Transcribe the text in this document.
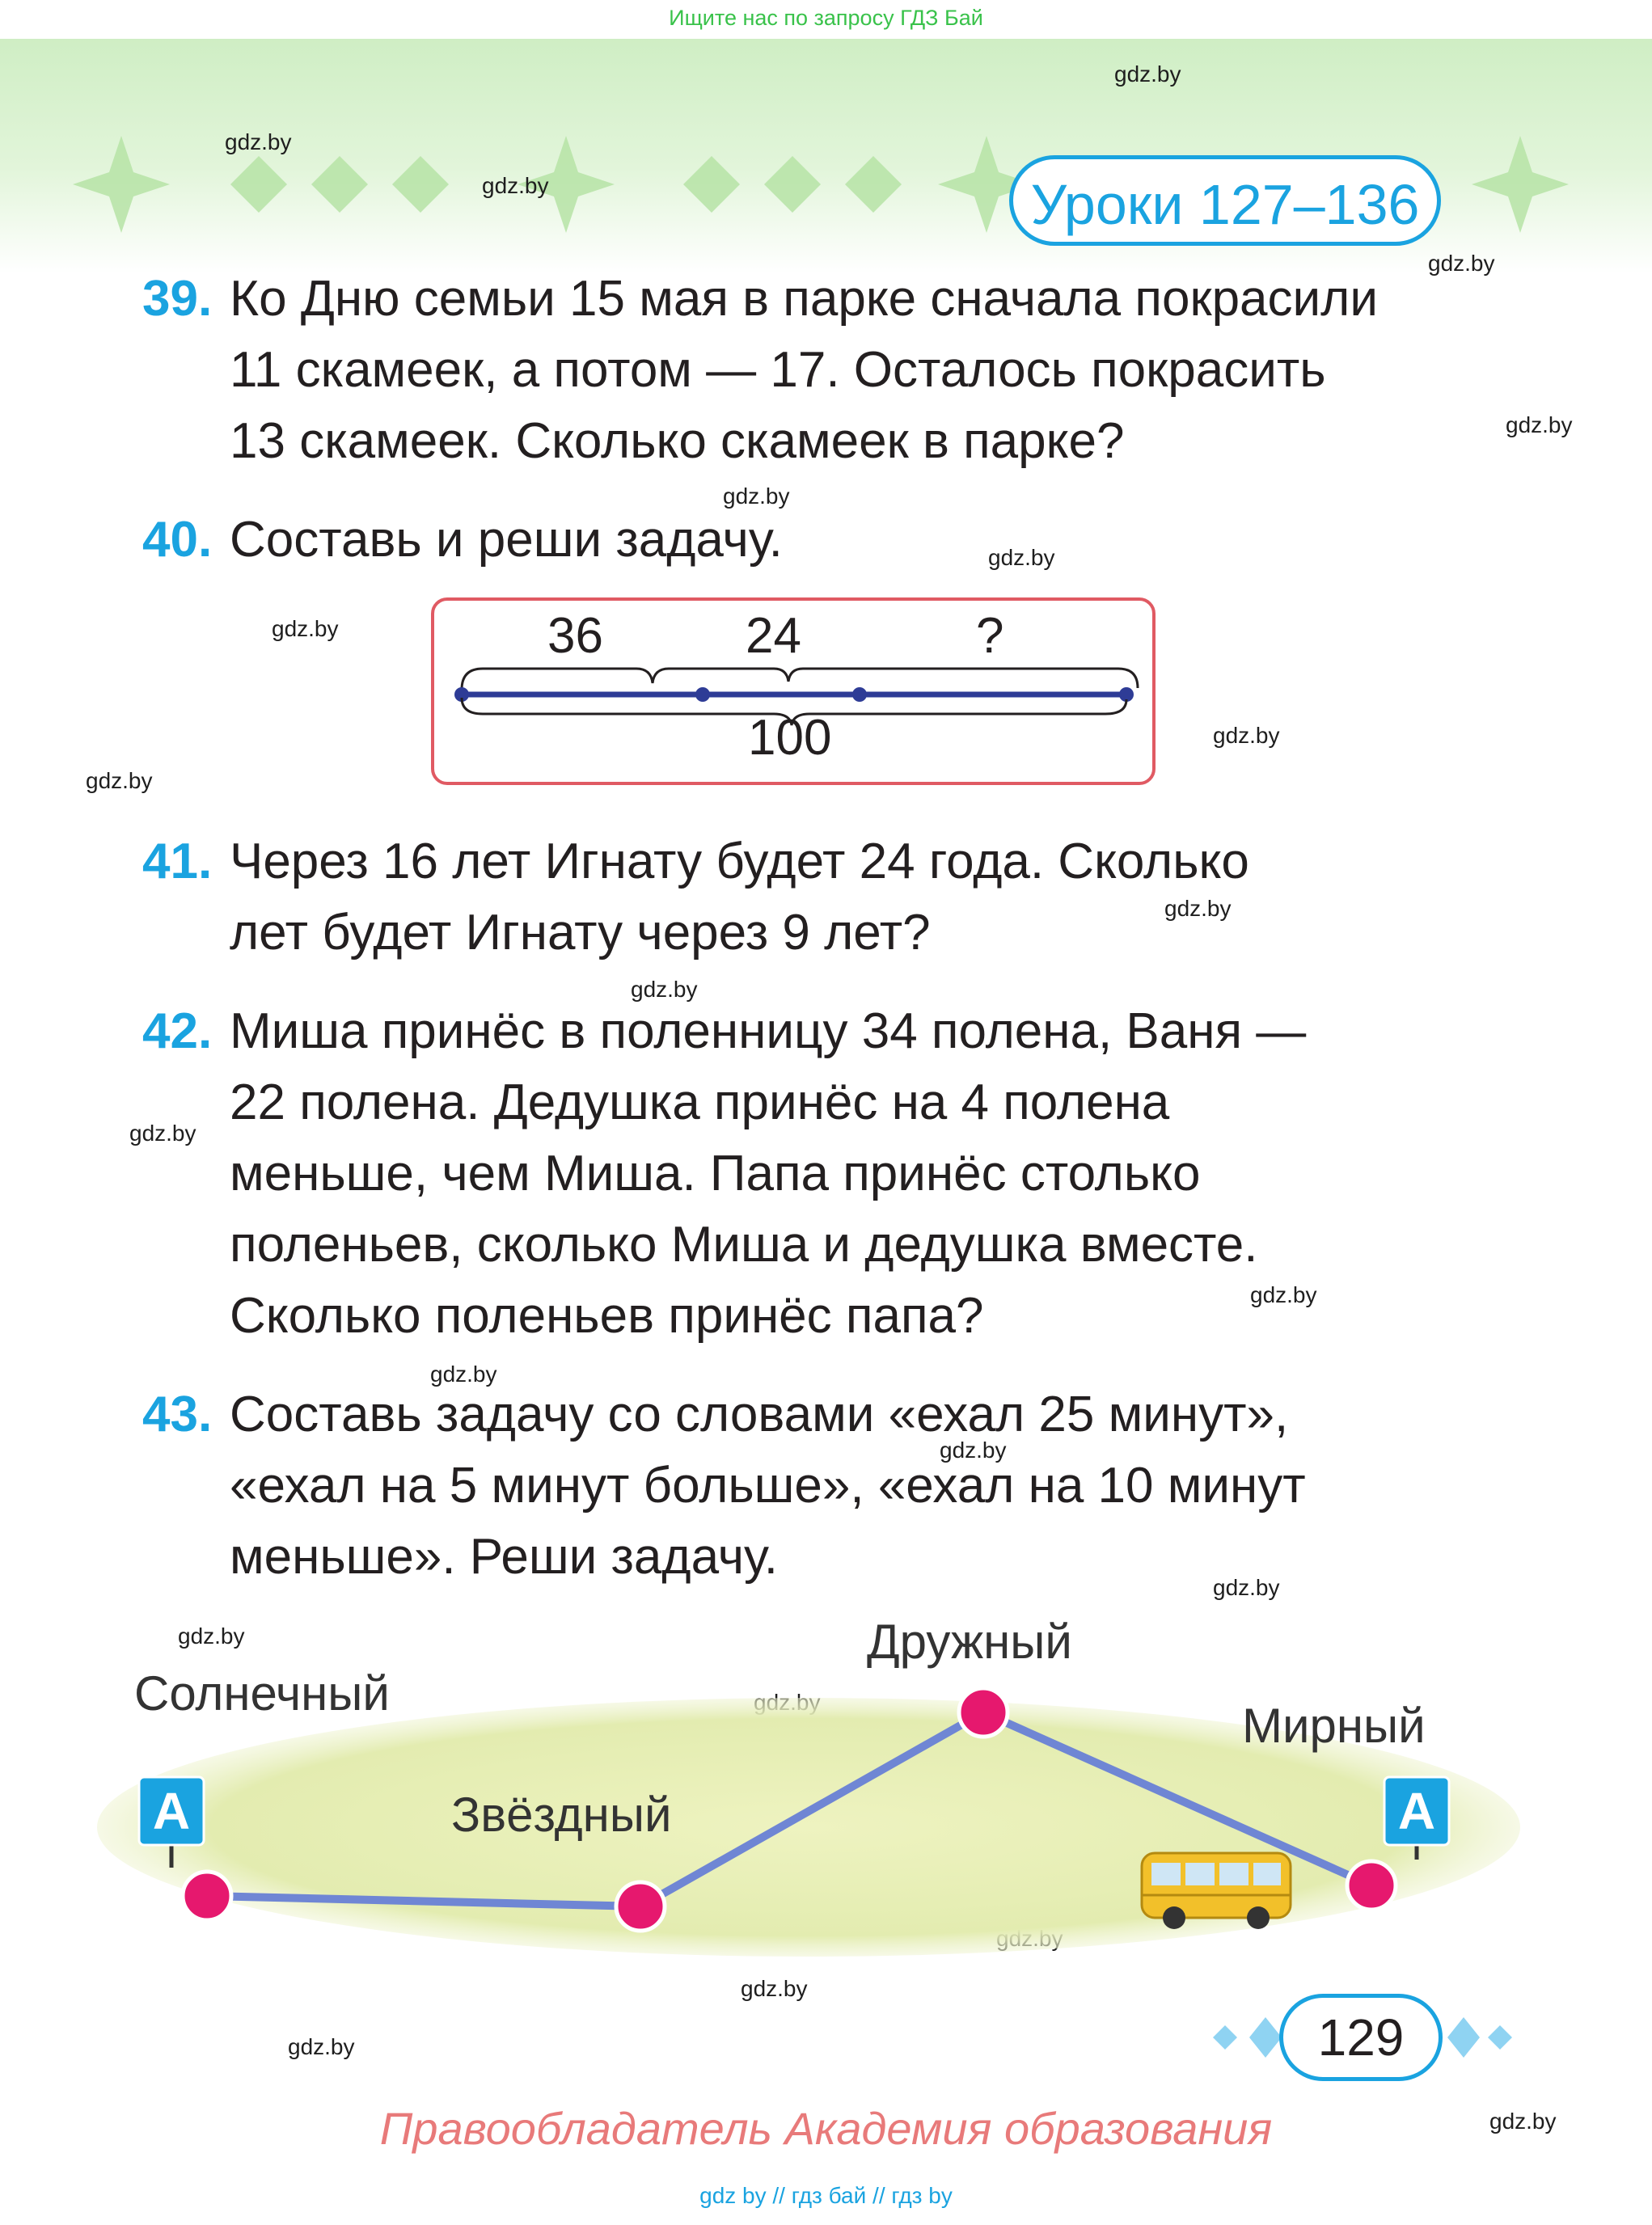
Ищите нас по запросу ГДЗ Бай
Уроки 127–136
gdz.by
gdz.by
gdz.by
gdz.by
gdz.by
gdz.by
gdz.by
gdz.by
gdz.by
gdz.by
gdz.by
gdz.by
gdz.by
gdz.by
gdz.by
gdz.by
gdz.by
gdz.by
gdz.by
gdz.by
gdz.by
39. Ко Дню семьи 15 мая в парке сначала покрасили
11 скамеек, а потом — 17. Осталось покрасить
13 скамеек. Сколько скамеек в парке?
40. Составь и реши задачу.
36	24	?
100
41. Через 16 лет Игнату будет 24 года. Сколько
лет будет Игнату через 9 лет?
42. Миша принёс в поленницу 34 полена, Ваня —
22 полена. Дедушка принёс на 4 полена
меньше, чем Миша. Папа принёс столько
поленьев, сколько Миша и дедушка вместе.
Сколько поленьев принёс папа?
43. Составь задачу со словами «ехал 25 минут»,
«ехал на 5 минут больше», «ехал на 10 минут
меньше». Реши задачу.
А	А
Солнечный
Звёздный
Дружный
Мирный
129
Правообладатель Академия образования
gdz by // гдз бай // гдз by
